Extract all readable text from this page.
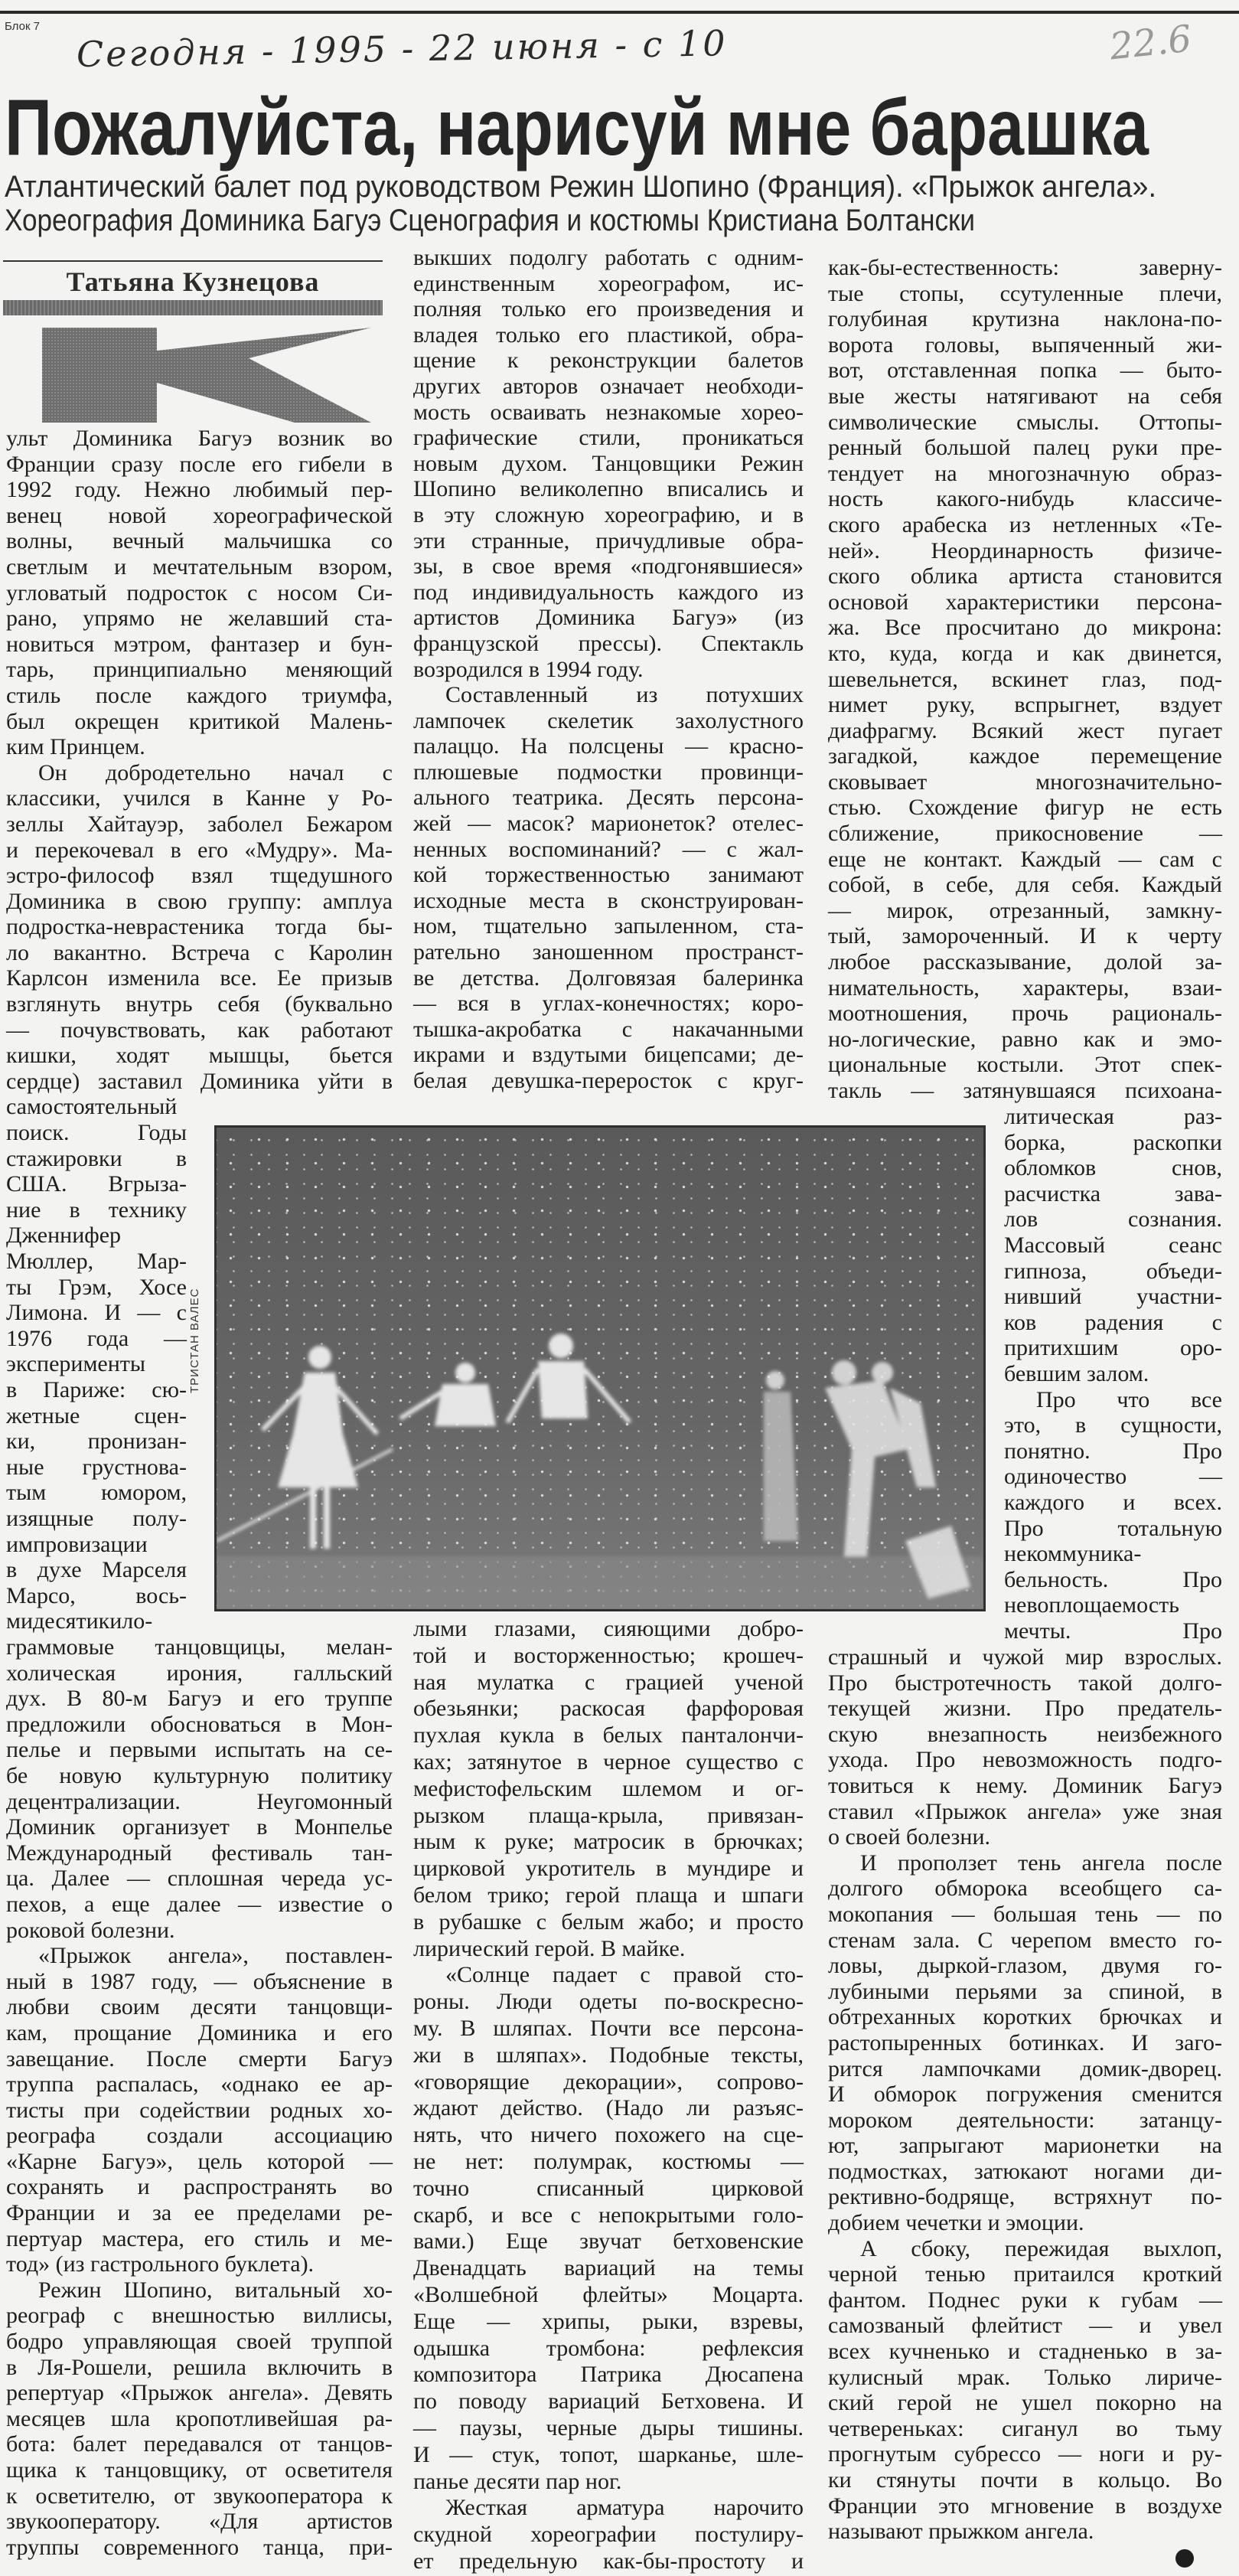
Блок 7 Сегодня - 1995 - 22 июня - с 10	22.6
Пожалуйста, нарисуй мне барашка
Атлантический балет под руководством Режин Шопино (Франция). «Прыжок ангела».
Хореография Доминика Багуэ Сценография и костюмы Кристиана Болтански
Татьяна Кузнецова
ульт Доминика Багуэ возник во
Франции сразу после его гибели в
1992 году. Нежно любимый пер-
венец новой хореографической
волны, вечный мальчишка со
светлым и мечтательным взором,
угловатый подросток с носом Си-
рано, упрямо не желавший ста-
новиться мэтром, фантазер и бун-
тарь, принципиально меняющий
стиль после каждого триумфа,
был окрещен критикой Малень-
ким Принцем.
Он добродетельно начал с
классики, учился в Канне у Ро-
зеллы Хайтауэр, заболел Бежаром
и перекочевал в его «Мудру». Ма-
эстро-философ взял тщедушного
Доминика в свою группу: амплуа
подростка-неврастеника тогда бы-
ло вакантно. Встреча с Каролин
Карлсон изменила все. Ее призыв
взглянуть внутрь себя (буквально
— почувствовать, как работают
кишки, ходят мышцы, бьется
сердце) заставил Доминика уйти в
самостоятельный
поиск. Годы
стажировки в
США. Вгрыза-
ние в технику
Дженнифер
Мюллер, Мар-
ты Грэм, Хосе
Лимона. И — с
1976 года —
эксперименты
в Париже: сю-
жетные сцен-
ки, пронизан-
ные грустнова-
тым юмором,
изящные полу-
импровизации
в духе Марселя
Марсо, вось-
мидесятикило-
граммовые танцовщицы, мелан-
холическая ирония, галльский
дух. В 80-м Багуэ и его труппе
предложили обосноваться в Мон-
пелье и первыми испытать на се-
бе новую культурную политику
децентрализации. Неугомонный
Доминик организует в Монпелье
Международный фестиваль тан-
ца. Далее — сплошная череда ус-
пехов, а еще далее — известие о
роковой болезни.
«Прыжок ангела», поставлен-
ный в 1987 году, — объяснение в
любви своим десяти танцовщи-
кам, прощание Доминика и его
завещание. После смерти Багуэ
труппа распалась, «однако ее ар-
тисты при содействии родных хо-
реографа создали ассоциацию
«Карне Багуэ», цель которой —
сохранять и распространять во
Франции и за ее пределами ре-
пертуар мастера, его стиль и ме-
тод» (из гастрольного буклета).
Режин Шопино, витальный хо-
реограф с внешностью виллисы,
бодро управляющая своей труппой
в Ля-Рошели, решила включить в
репертуар «Прыжок ангела». Девять
месяцев шла кропотливейшая ра-
бота: балет передавался от танцов-
щика к танцовщику, от осветителя
к осветителю, от звукооператора к
звукооператору. «Для артистов
труппы современного танца, при-
выкших подолгу работать с одним-
единственным хореографом, ис-
полняя только его произведения и
владея только его пластикой, обра-
щение к реконструкции балетов
других авторов означает необходи-
мость осваивать незнакомые хорео-
графические стили, проникаться
новым духом. Танцовщики Режин
Шопино великолепно вписались и
в эту сложную хореографию, и в
эти странные, причудливые обра-
зы, в свое время «подгонявшиеся»
под индивидуальность каждого из
артистов Доминика Багуэ» (из
французской прессы). Спектакль
возродился в 1994 году.
Составленный из потухших
лампочек скелетик захолустного
палаццо. На полсцены — красно-
плюшевые подмостки провинци-
ального театрика. Десять персона-
жей — масок? марионеток? отелес-
ненных воспоминаний? — с жал-
кой торжественностью занимают
исходные места в сконструирован-
ном, тщательно запыленном, ста-
рательно заношенном пространст-
ве детства. Долговязая балеринка
— вся в углах-конечностях; коро-
тышка-акробатка с накачанными
икрами и вздутыми бицепсами; де-
белая девушка-переросток с круг-
лыми глазами, сияющими добро-
той и восторженностью; крошеч-
ная мулатка с грацией ученой
обезьянки; раскосая фарфоровая
пухлая кукла в белых панталончи-
ках; затянутое в черное существо с
мефистофельским шлемом и ог-
рызком плаща-крыла, привязан-
ным к руке; матросик в брючках;
цирковой укротитель в мундире и
белом трико; герой плаща и шпаги
в рубашке с белым жабо; и просто
лирический герой. В майке.
«Солнце падает с правой сто-
роны. Люди одеты по-воскресно-
му. В шляпах. Почти все персона-
жи в шляпах». Подобные тексты,
«говорящие декорации», сопрово-
ждают действо. (Надо ли разъяс-
нять, что ничего похожего на сце-
не нет: полумрак, костюмы —
точно списанный цирковой
скарб, и все с непокрытыми голо-
вами.) Еще звучат бетховенские
Двенадцать вариаций на темы
«Волшебной флейты» Моцарта.
Еще — хрипы, рыки, взревы,
одышка тромбона: рефлексия
композитора Патрика Дюсапена
по поводу вариаций Бетховена. И
— паузы, черные дыры тишины.
И — стук, топот, шарканье, шле-
панье десяти пар ног.
Жесткая арматура нарочито
скудной хореографии постулиру-
ет предельную как-бы-простоту и
как-бы-естественность: заверну-
тые стопы, ссутуленные плечи,
голубиная крутизна наклона-по-
ворота головы, выпяченный жи-
вот, отставленная попка — быто-
вые жесты натягивают на себя
символические смыслы. Оттопы-
ренный большой палец руки пре-
тендует на многозначную образ-
ность какого-нибудь классиче-
ского арабеска из нетленных «Те-
ней». Неординарность физиче-
ского облика артиста становится
основой характеристики персона-
жа. Все просчитано до микрона:
кто, куда, когда и как двинется,
шевельнется, вскинет глаз, под-
нимет руку, вспрыгнет, вздует
диафрагму. Всякий жест пугает
загадкой, каждое перемещение
сковывает многозначительно-
стью. Схождение фигур не есть
сближение, прикосновение —
еще не контакт. Каждый — сам с
собой, в себе, для себя. Каждый
— мирок, отрезанный, замкну-
тый, замороченный. И к черту
любое рассказывание, долой за-
нимательность, характеры, взаи-
моотношения, прочь рациональ-
но-логические, равно как и эмо-
циональные костыли. Этот спек-
такль — затянувшаяся психоана-
литическая раз-
борка, раскопки
обломков снов,
расчистка зава-
лов сознания.
Массовый сеанс
гипноза, объеди-
нивший участни-
ков радения с
притихшим оро-
бевшим залом.
Про что все
это, в сущности,
понятно. Про
одиночество —
каждого и всех.
Про тотальную
некоммуника-
бельность. Про
невоплощаемость
мечты. Про
страшный и чужой мир взрослых.
Про быстротечность такой долго-
текущей жизни. Про предатель-
скую внезапность неизбежного
ухода. Про невозможность подго-
товиться к нему. Доминик Багуэ
ставил «Прыжок ангела» уже зная
о своей болезни.
И проползет тень ангела после
долгого обморока всеобщего са-
мокопания — большая тень — по
стенам зала. С черепом вместо го-
ловы, дыркой-глазом, двумя го-
лубиными перьями за спиной, в
обтреханных коротких брючках и
растопыренных ботинках. И заго-
рится лампочками домик-дворец.
И обморок погружения сменится
мороком деятельности: затанцу-
ют, запрыгают марионетки на
подмостках, затюкают ногами ди-
рективно-бодряще, встряхнут по-
добием чечетки и эмоции.
А сбоку, пережидая выхлоп,
черной тенью притаился кроткий
фантом. Поднес руки к губам —
самозваный флейтист — и увел
всех кучненько и стадненько в за-
кулисный мрак. Только лириче-
ский герой не ушел покорно на
четвереньках: сиганул во тьму
прогнутым субрессо — ноги и ру-
ки стянуты почти в кольцо. Во
Франции это мгновение в воздухе
называют прыжком ангела.
ТРИСТАН ВАЛЕС
